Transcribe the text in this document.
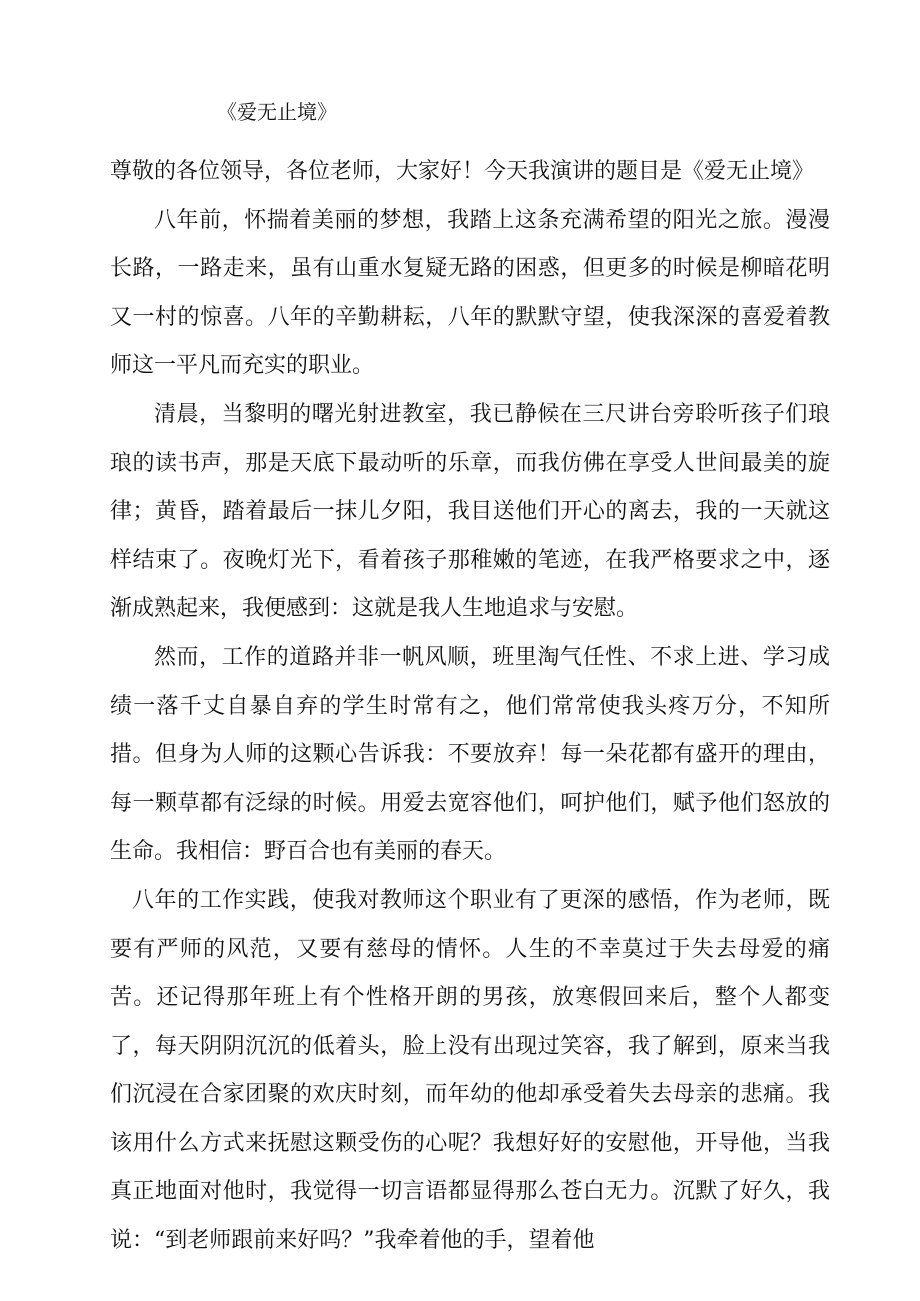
《爱无止境》

尊敬的各位领导，各位老师，大家好！今天我演讲的题目是《爱无止境》

八年前，怀揣着美丽的梦想，我踏上这条充满希望的阳光之旅。漫漫长路，一路走来，虽有山重水复疑无路的困惑，但更多的时候是柳暗花明又一村的惊喜。八年的辛勤耕耘，八年的默默守望，使我深深的喜爱着教师这一平凡而充实的职业。

清晨，当黎明的曙光射进教室，我已静候在三尺讲台旁聆听孩子们琅琅的读书声，那是天底下最动听的乐章，而我仿佛在享受人世间最美的旋律；黄昏，踏着最后一抹儿夕阳，我目送他们开心的离去，我的一天就这样结束了。夜晚灯光下，看着孩子那稚嫩的笔迹，在我严格要求之中，逐渐成熟起来，我便感到：这就是我人生地追求与安慰。

然而，工作的道路并非一帆风顺，班里淘气任性、不求上进、学习成绩一落千丈自暴自弃的学生时常有之，他们常常使我头疼万分，不知所措。但身为人师的这颗心告诉我：不要放弃！每一朵花都有盛开的理由，每一颗草都有泛绿的时候。用爱去宽容他们，呵护他们，赋予他们怒放的生命。我相信：野百合也有美丽的春天。

八年的工作实践，使我对教师这个职业有了更深的感悟，作为老师，既要有严师的风范，又要有慈母的情怀。人生的不幸莫过于失去母爱的痛苦。还记得那年班上有个性格开朗的男孩，放寒假回来后，整个人都变了，每天阴阴沉沉的低着头，脸上没有出现过笑容，我了解到，原来当我们沉浸在合家团聚的欢庆时刻，而年幼的他却承受着失去母亲的悲痛。我该用什么方式来抚慰这颗受伤的心呢？我想好好的安慰他，开导他，当我真正地面对他时，我觉得一切言语都显得那么苍白无力。沉默了好久，我说：“到老师跟前来好吗？”我牵着他的手，望着他
